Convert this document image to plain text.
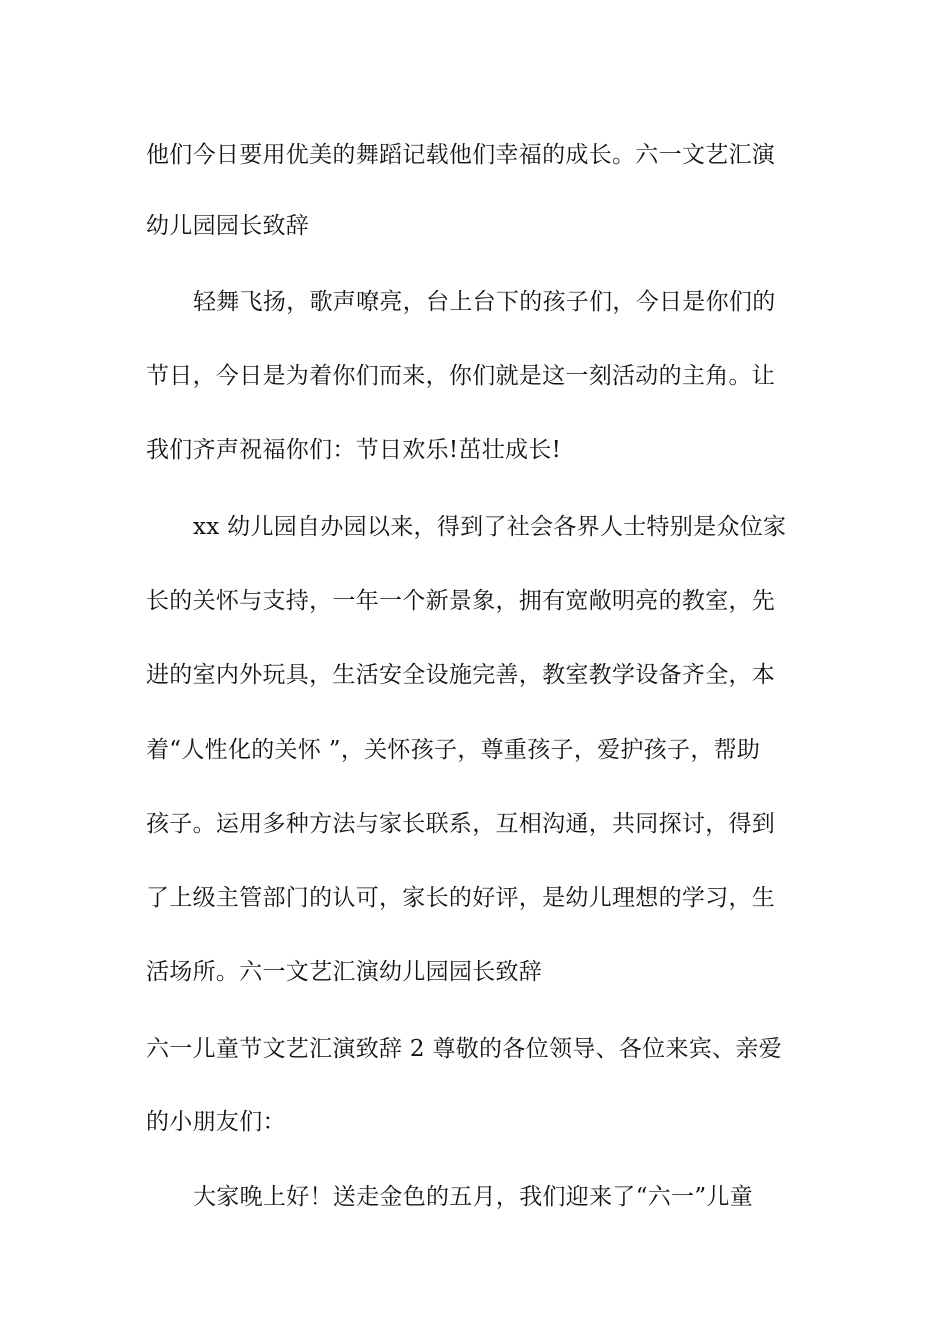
他们今日要用优美的舞蹈记载他们幸福的成长。六一文艺汇演
幼儿园园长致辞
轻舞飞扬，歌声嘹亮，台上台下的孩子们，今日是你们的
节日，今日是为着你们而来，你们就是这一刻活动的主角。让
我们齐声祝福你们：节日欢乐!茁壮成长!
xx 幼儿园自办园以来，得到了社会各界人士特别是众位家
长的关怀与支持，一年一个新景象，拥有宽敞明亮的教室，先
进的室内外玩具，生活安全设施完善，教室教学设备齐全，本
着“人性化的关怀 ”，关怀孩子，尊重孩子，爱护孩子，帮助
孩子。运用多种方法与家长联系，互相沟通，共同探讨，得到
了上级主管部门的认可，家长的好评，是幼儿理想的学习，生
活场所。六一文艺汇演幼儿园园长致辞
六一儿童节文艺汇演致辞 2 尊敬的各位领导、各位来宾、亲爱
的小朋友们：
大家晚上好！送走金色的五月，我们迎来了“六一”儿童
